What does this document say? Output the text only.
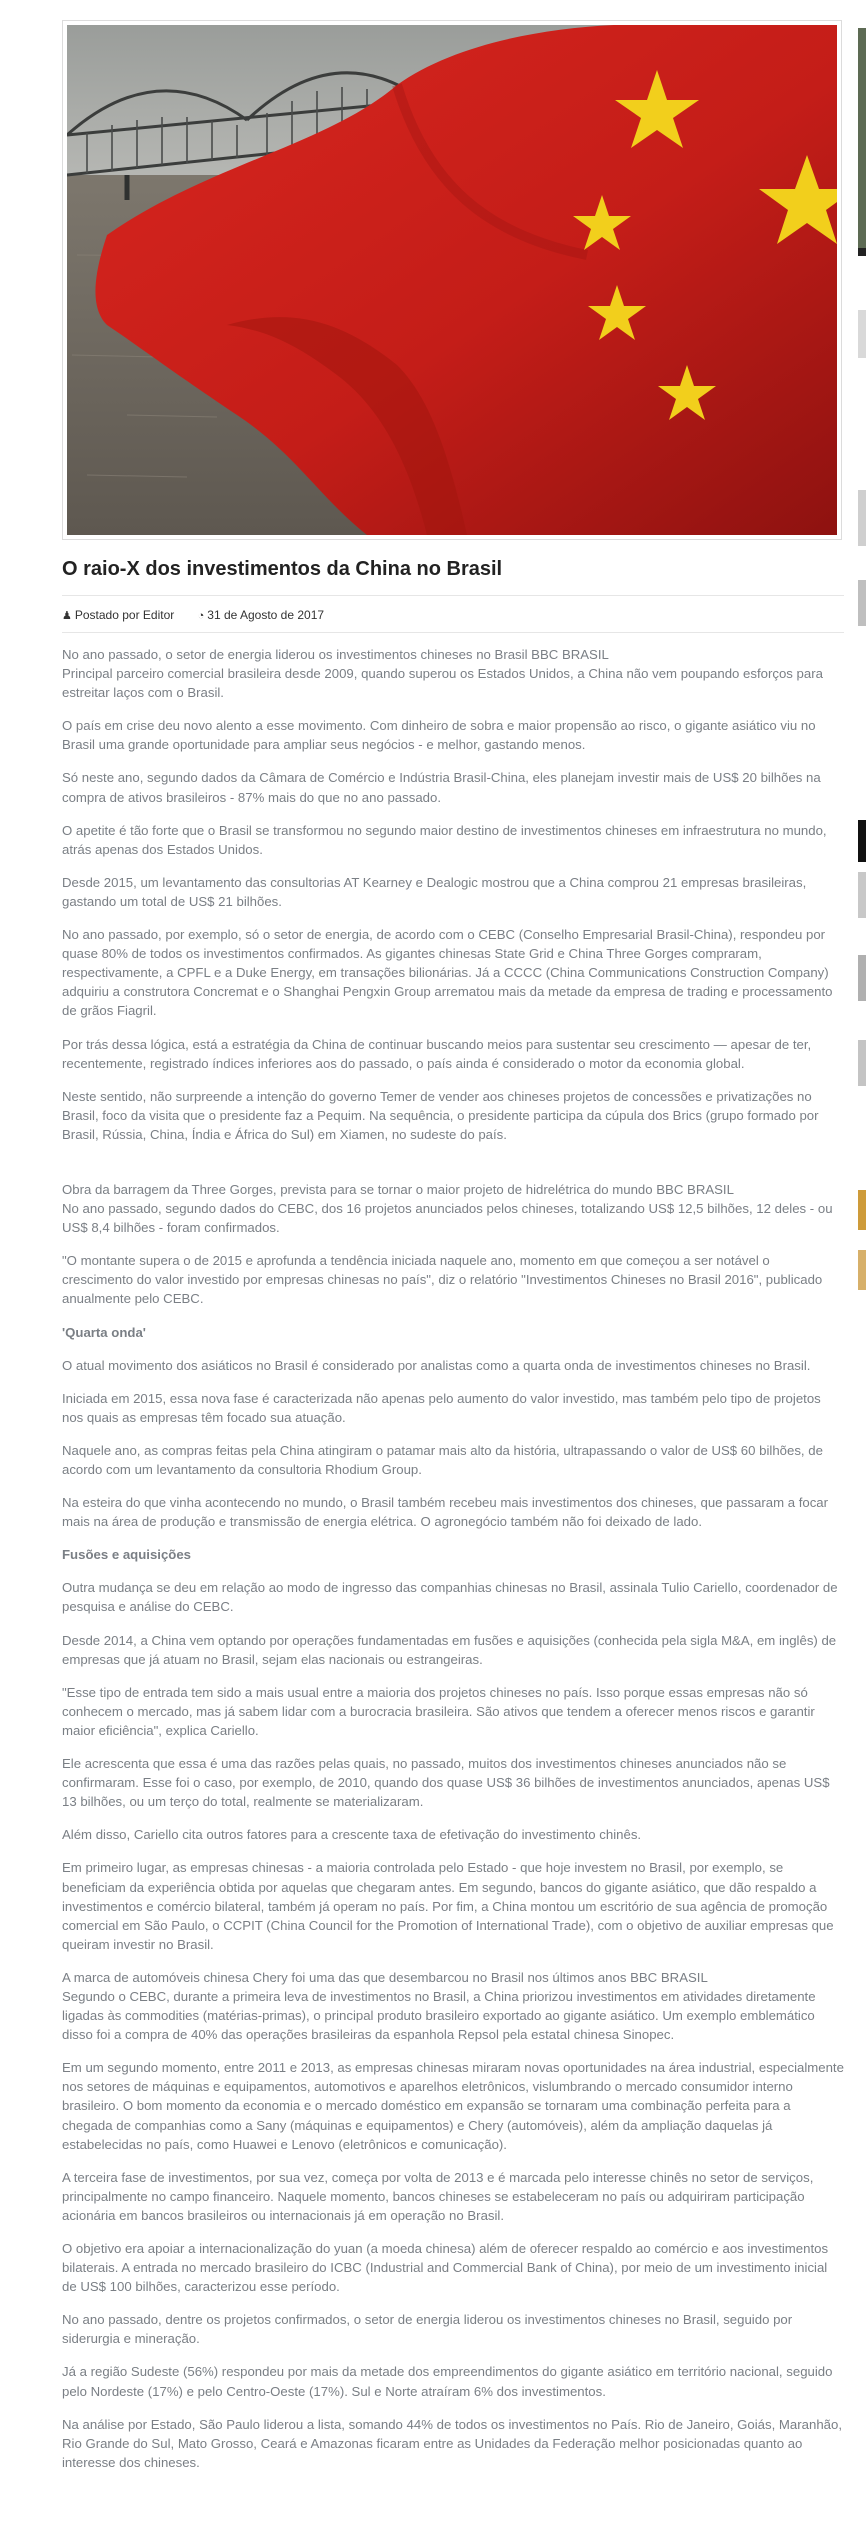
O raio-X dos investimentos da China no Brasil
♟ Postado por Editor ◔ 31 de Agosto de 2017

No ano passado, o setor de energia liderou os investimentos chineses no Brasil BBC BRASIL
Principal parceiro comercial brasileira desde 2009, quando superou os Estados Unidos, a China não vem poupando esforços para estreitar laços com o Brasil.

O país em crise deu novo alento a esse movimento. Com dinheiro de sobra e maior propensão ao risco, o gigante asiático viu no Brasil uma grande oportunidade para ampliar seus negócios - e melhor, gastando menos.

Só neste ano, segundo dados da Câmara de Comércio e Indústria Brasil-China, eles planejam investir mais de US$ 20 bilhões na compra de ativos brasileiros - 87% mais do que no ano passado.

O apetite é tão forte que o Brasil se transformou no segundo maior destino de investimentos chineses em infraestrutura no mundo, atrás apenas dos Estados Unidos.

Desde 2015, um levantamento das consultorias AT Kearney e Dealogic mostrou que a China comprou 21 empresas brasileiras, gastando um total de US$ 21 bilhões.

No ano passado, por exemplo, só o setor de energia, de acordo com o CEBC (Conselho Empresarial Brasil-China), respondeu por quase 80% de todos os investimentos confirmados. As gigantes chinesas State Grid e China Three Gorges compraram, respectivamente, a CPFL e a Duke Energy, em transações bilionárias. Já a CCCC (China Communications Construction Company) adquiriu a construtora Concremat e o Shanghai Pengxin Group arrematou mais da metade da empresa de trading e processamento de grãos Fiagril.

Por trás dessa lógica, está a estratégia da China de continuar buscando meios para sustentar seu crescimento — apesar de ter, recentemente, registrado índices inferiores aos do passado, o país ainda é considerado o motor da economia global.

Neste sentido, não surpreende a intenção do governo Temer de vender aos chineses projetos de concessões e privatizações no Brasil, foco da visita que o presidente faz a Pequim. Na sequência, o presidente participa da cúpula dos Brics (grupo formado por Brasil, Rússia, China, Índia e África do Sul) em Xiamen, no sudeste do país.

Obra da barragem da Three Gorges, prevista para se tornar o maior projeto de hidrelétrica do mundo BBC BRASIL
No ano passado, segundo dados do CEBC, dos 16 projetos anunciados pelos chineses, totalizando US$ 12,5 bilhões, 12 deles - ou US$ 8,4 bilhões - foram confirmados.

"O montante supera o de 2015 e aprofunda a tendência iniciada naquele ano, momento em que começou a ser notável o crescimento do valor investido por empresas chinesas no país", diz o relatório "Investimentos Chineses no Brasil 2016", publicado anualmente pelo CEBC.

'Quarta onda'

O atual movimento dos asiáticos no Brasil é considerado por analistas como a quarta onda de investimentos chineses no Brasil.

Iniciada em 2015, essa nova fase é caracterizada não apenas pelo aumento do valor investido, mas também pelo tipo de projetos nos quais as empresas têm focado sua atuação.

Naquele ano, as compras feitas pela China atingiram o patamar mais alto da história, ultrapassando o valor de US$ 60 bilhões, de acordo com um levantamento da consultoria Rhodium Group.

Na esteira do que vinha acontecendo no mundo, o Brasil também recebeu mais investimentos dos chineses, que passaram a focar mais na área de produção e transmissão de energia elétrica. O agronegócio também não foi deixado de lado.

Fusões e aquisições

Outra mudança se deu em relação ao modo de ingresso das companhias chinesas no Brasil, assinala Tulio Cariello, coordenador de pesquisa e análise do CEBC.

Desde 2014, a China vem optando por operações fundamentadas em fusões e aquisições (conhecida pela sigla M&A, em inglês) de empresas que já atuam no Brasil, sejam elas nacionais ou estrangeiras.

"Esse tipo de entrada tem sido a mais usual entre a maioria dos projetos chineses no país. Isso porque essas empresas não só conhecem o mercado, mas já sabem lidar com a burocracia brasileira. São ativos que tendem a oferecer menos riscos e garantir maior eficiência", explica Cariello.

Ele acrescenta que essa é uma das razões pelas quais, no passado, muitos dos investimentos chineses anunciados não se confirmaram. Esse foi o caso, por exemplo, de 2010, quando dos quase US$ 36 bilhões de investimentos anunciados, apenas US$ 13 bilhões, ou um terço do total, realmente se materializaram.

Além disso, Cariello cita outros fatores para a crescente taxa de efetivação do investimento chinês.

Em primeiro lugar, as empresas chinesas - a maioria controlada pelo Estado - que hoje investem no Brasil, por exemplo, se beneficiam da experiência obtida por aquelas que chegaram antes. Em segundo, bancos do gigante asiático, que dão respaldo a investimentos e comércio bilateral, também já operam no país. Por fim, a China montou um escritório de sua agência de promoção comercial em São Paulo, o CCPIT (China Council for the Promotion of International Trade), com o objetivo de auxiliar empresas que queiram investir no Brasil.

A marca de automóveis chinesa Chery foi uma das que desembarcou no Brasil nos últimos anos BBC BRASIL
Segundo o CEBC, durante a primeira leva de investimentos no Brasil, a China priorizou investimentos em atividades diretamente ligadas às commodities (matérias-primas), o principal produto brasileiro exportado ao gigante asiático. Um exemplo emblemático disso foi a compra de 40% das operações brasileiras da espanhola Repsol pela estatal chinesa Sinopec.

Em um segundo momento, entre 2011 e 2013, as empresas chinesas miraram novas oportunidades na área industrial, especialmente nos setores de máquinas e equipamentos, automotivos e aparelhos eletrônicos, vislumbrando o mercado consumidor interno brasileiro. O bom momento da economia e o mercado doméstico em expansão se tornaram uma combinação perfeita para a chegada de companhias como a Sany (máquinas e equipamentos) e Chery (automóveis), além da ampliação daquelas já estabelecidas no país, como Huawei e Lenovo (eletrônicos e comunicação).

A terceira fase de investimentos, por sua vez, começa por volta de 2013 e é marcada pelo interesse chinês no setor de serviços, principalmente no campo financeiro. Naquele momento, bancos chineses se estabeleceram no país ou adquiriram participação acionária em bancos brasileiros ou internacionais já em operação no Brasil.

O objetivo era apoiar a internacionalização do yuan (a moeda chinesa) além de oferecer respaldo ao comércio e aos investimentos bilaterais. A entrada no mercado brasileiro do ICBC (Industrial and Commercial Bank of China), por meio de um investimento inicial de US$ 100 bilhões, caracterizou esse período.

No ano passado, dentre os projetos confirmados, o setor de energia liderou os investimentos chineses no Brasil, seguido por siderurgia e mineração.

Já a região Sudeste (56%) respondeu por mais da metade dos empreendimentos do gigante asiático em território nacional, seguido pelo Nordeste (17%) e pelo Centro-Oeste (17%). Sul e Norte atraíram 6% dos investimentos.

Na análise por Estado, São Paulo liderou a lista, somando 44% de todos os investimentos no País. Rio de Janeiro, Goiás, Maranhão, Rio Grande do Sul, Mato Grosso, Ceará e Amazonas ficaram entre as Unidades da Federação melhor posicionadas quanto ao interesse dos chineses.
